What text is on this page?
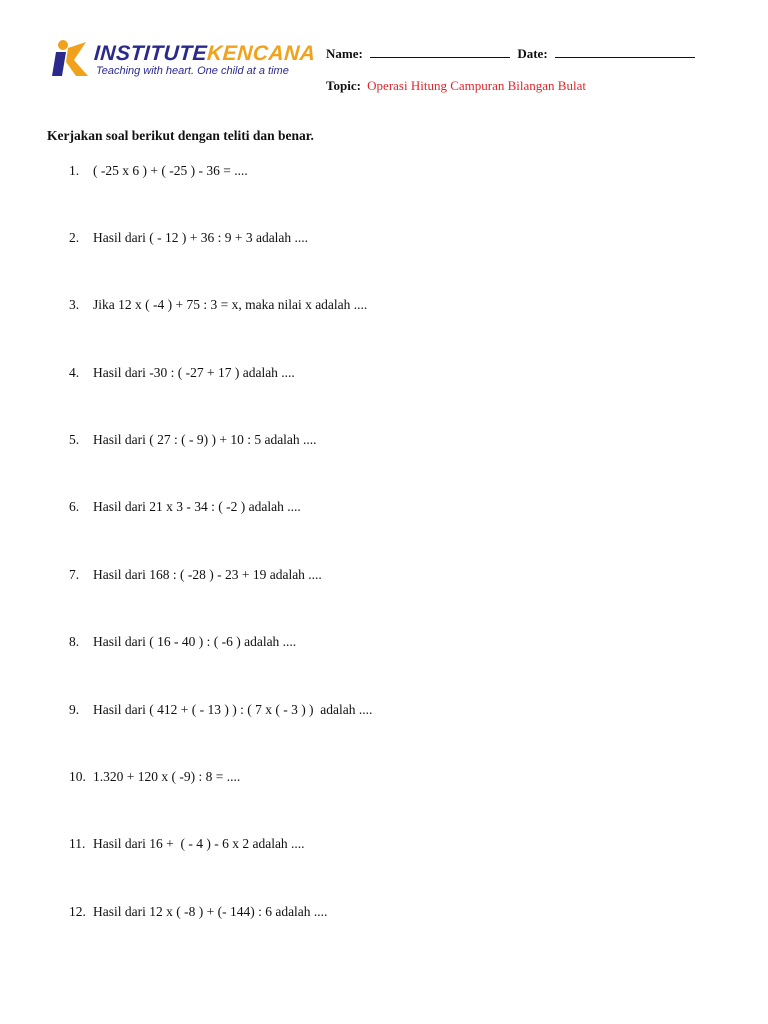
INSTITUTEKENCANA
Teaching with heart. One child at a time
Name:	Date:
Topic: Operasi Hitung Campuran Bilangan Bulat
Kerjakan soal berikut dengan teliti dan benar.
1. ( -25 x 6 ) + ( -25 ) - 36 = ....
2. Hasil dari ( - 12 ) + 36 : 9 + 3 adalah ....
3. Jika 12 x ( -4 ) + 75 : 3 = x, maka nilai x adalah ....
4. Hasil dari -30 : ( -27 + 17 ) adalah ....
5. Hasil dari ( 27 : ( - 9) ) + 10 : 5 adalah ....
6. Hasil dari 21 x 3 - 34 : ( -2 ) adalah ....
7. Hasil dari 168 : ( -28 ) - 23 + 19 adalah ....
8. Hasil dari ( 16 - 40 ) : ( -6 ) adalah ....
9. Hasil dari ( 412 + ( - 13 ) ) : ( 7 x ( - 3 ) )  adalah ....
10. 1.320 + 120 x ( -9) : 8 = ....
11. Hasil dari 16 +  ( - 4 ) - 6 x 2 adalah ....
12. Hasil dari 12 x ( -8 ) + (- 144) : 6 adalah ....
